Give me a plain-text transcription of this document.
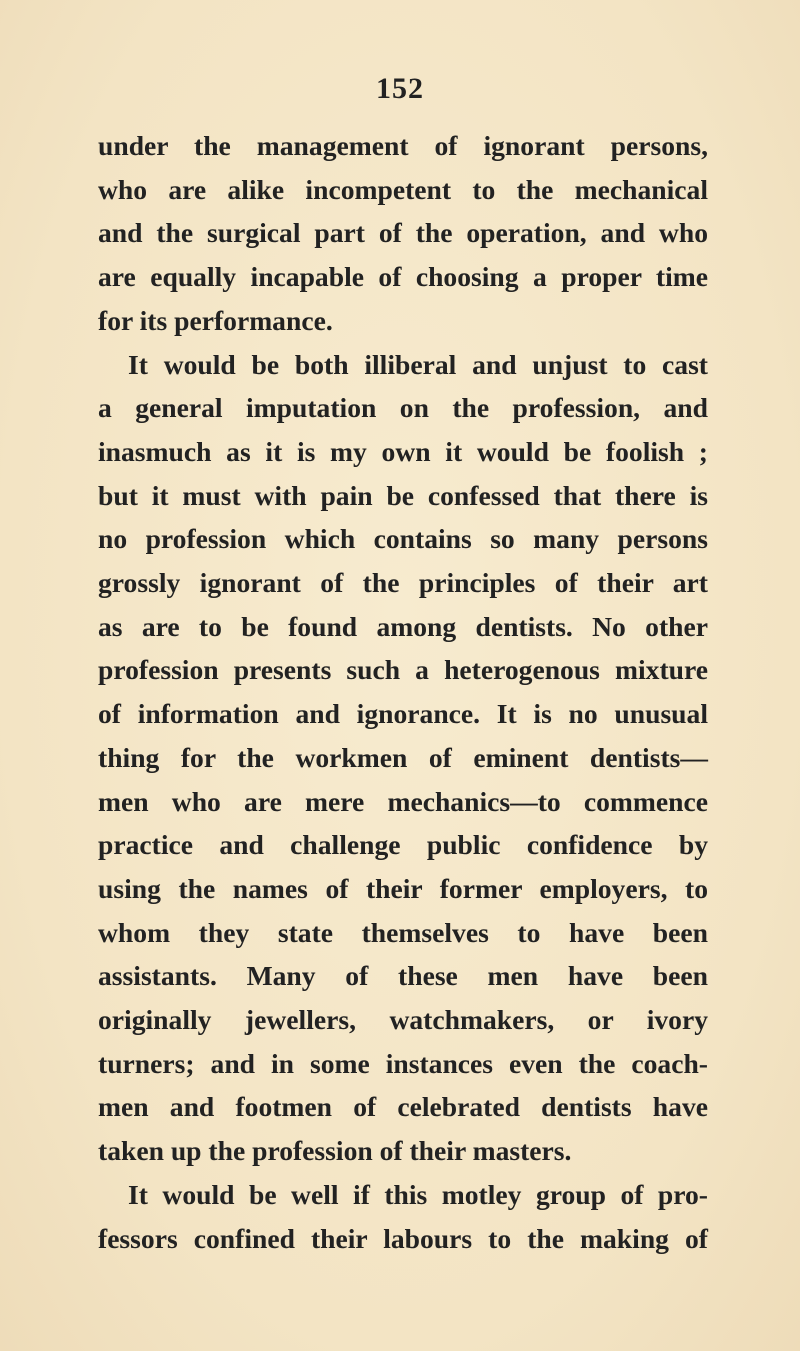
152
under the management of ignorant persons,
who are alike incompetent to the mechanical
and the surgical part of the operation, and who
are equally incapable of choosing a proper time
for its performance.
It would be both illiberal and unjust to cast
a general imputation on the profession, and
inasmuch as it is my own it would be foolish ;
but it must with pain be confessed that there is
no profession which contains so many persons
grossly ignorant of the principles of their art
as are to be found among dentists. No other
profession presents such a heterogenous mixture
of information and ignorance. It is no unusual
thing for the workmen of eminent dentists—
men who are mere mechanics—to commence
practice and challenge public confidence by
using the names of their former employers, to
whom they state themselves to have been
assistants. Many of these men have been
originally jewellers, watchmakers, or ivory
turners; and in some instances even the coach-
men and footmen of celebrated dentists have
taken up the profession of their masters.
It would be well if this motley group of pro-
fessors confined their labours to the making of
